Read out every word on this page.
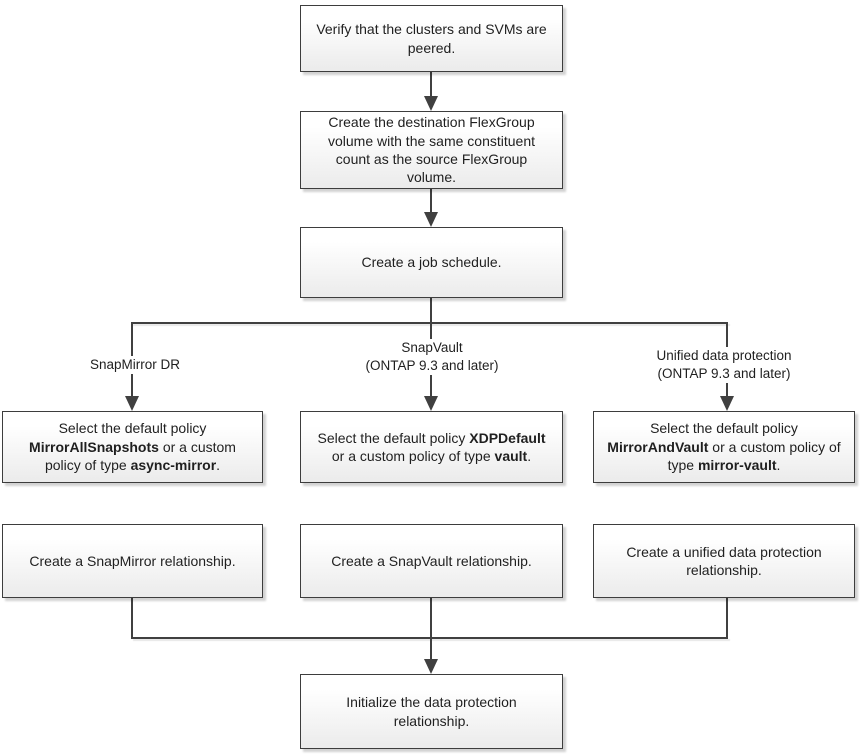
SnapMirror DR
SnapVault
(ONTAP 9.3 and later)
Unified data protection
(ONTAP 9.3 and later)
Verify that the clusters and SVMs are peered.
Create the destination FlexGroup volume with the same constituent count as the source FlexGroup volume.
Create a job schedule.
Select the default policy MirrorAllSnapshots or a custom policy of type async-mirror.
Select the default policy XDPDefault or a custom policy of type vault.
Select the default policy MirrorAndVault or a custom policy of type mirror-vault.
Create a SnapMirror relationship.	Create a SnapVault relationship.
Create a unified data protection relationship.
Initialize the data protection relationship.
